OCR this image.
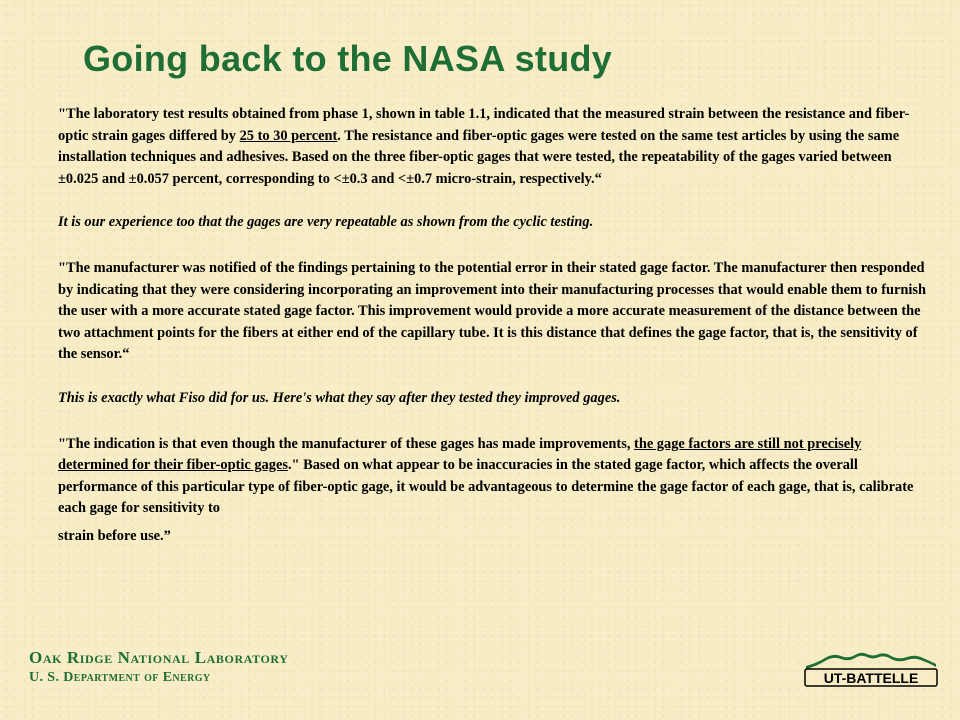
Going back to the NASA study

"The laboratory test results obtained from phase 1, shown in table 1.1, indicated that the measured strain between the resistance and fiber-optic strain gages differed by 25 to 30 percent. The resistance and fiber-optic gages were tested on the same test articles by using the same installation techniques and adhesives. Based on the three fiber-optic gages that were tested, the repeatability of the gages varied between ±0.025 and ±0.057 percent, corresponding to <±0.3 and <±0.7 micro-strain, respectively.“

It is our experience too that the gages are very repeatable as shown from the cyclic testing.

"The manufacturer was notified of the findings pertaining to the potential error in their stated gage factor. The manufacturer then responded by indicating that they were considering incorporating an improvement into their manufacturing processes that would enable them to furnish the user with a more accurate stated gage factor. This improvement would provide a more accurate measurement of the distance between the two attachment points for the fibers at either end of the capillary tube. It is this distance that defines the gage factor, that is, the sensitivity of the sensor.“

This is exactly what Fiso did for us. Here's what they say after they tested they improved gages.

"The indication is that even though the manufacturer of these gages has made improvements, the gage factors are still not precisely determined for their fiber-optic gages." Based on what appear to be inaccuracies in the stated gage factor, which affects the overall performance of this particular type of fiber-optic gage, it would be advantageous to determine the gage factor of each gage, that is, calibrate each gage for sensitivity to

strain before use.”

Oak Ridge National Laboratory
U. S. Department of Energy	UT-BATTELLE
